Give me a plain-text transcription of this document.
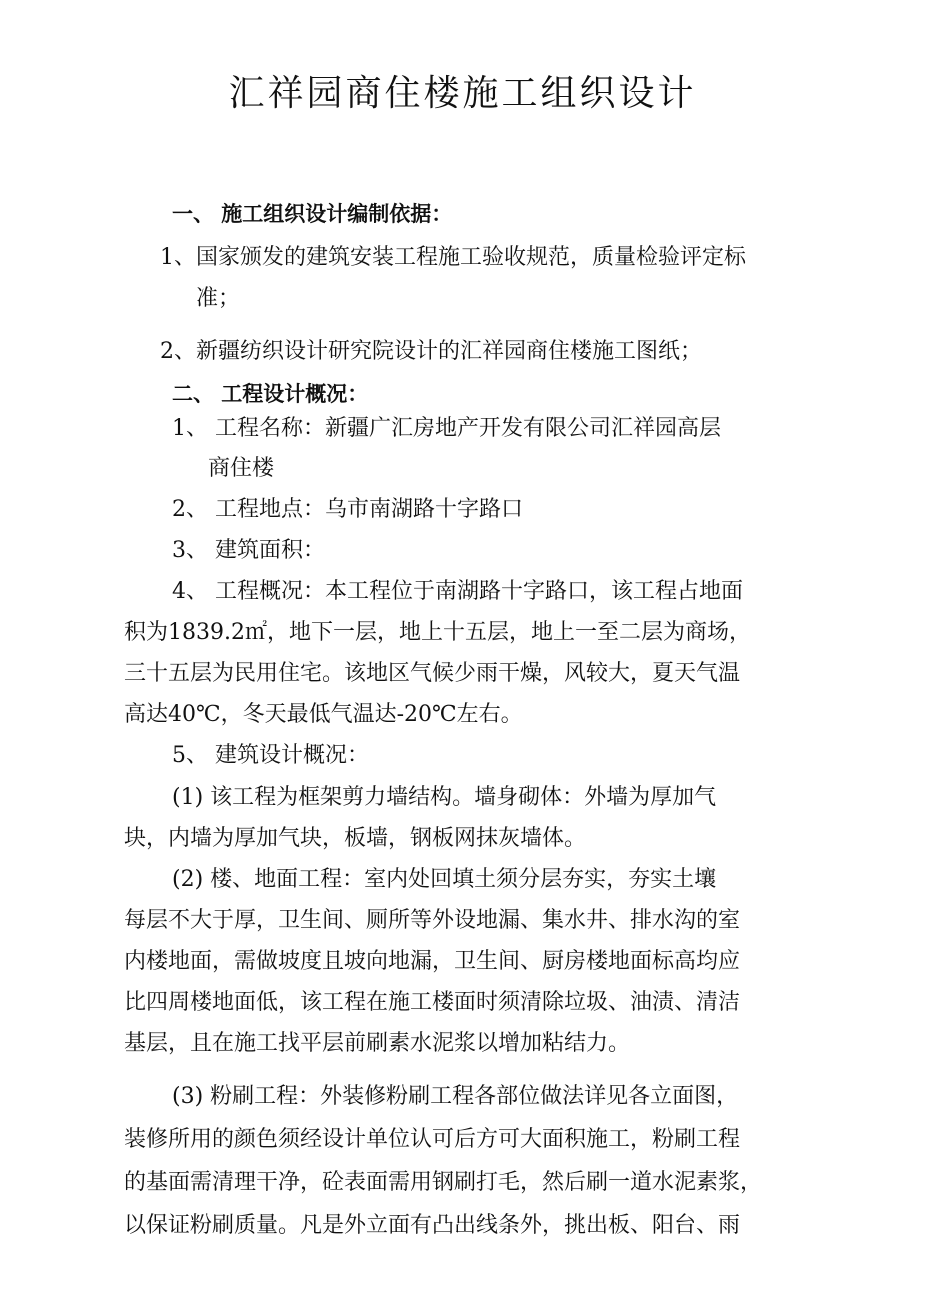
汇祥园商住楼施工组织设计

一、 施工组织设计编制依据：

1、国家颁发的建筑安装工程施工验收规范，质量检验评定标

准；

2、新疆纺织设计研究院设计的汇祥园商住楼施工图纸；

二、 工程设计概况：

1、 工程名称：新疆广汇房地产开发有限公司汇祥园高层

商住楼

2、 工程地点：乌市南湖路十字路口

3、 建筑面积：

4、 工程概况：本工程位于南湖路十字路口，该工程占地面

积为1839.2㎡，地下一层，地上十五层，地上一至二层为商场，

三十五层为民用住宅。该地区气候少雨干燥，风较大，夏天气温

高达40℃，冬天最低气温达-20℃左右。

5、 建筑设计概况：

(1) 该工程为框架剪力墙结构。墙身砌体：外墙为厚加气

块，内墙为厚加气块，板墙，钢板网抹灰墙体。

(2) 楼、地面工程：室内处回填土须分层夯实，夯实土壤

每层不大于厚，卫生间、厕所等外设地漏、集水井、排水沟的室

内楼地面，需做坡度且坡向地漏，卫生间、厨房楼地面标高均应

比四周楼地面低，该工程在施工楼面时须清除垃圾、油渍、清洁

基层，且在施工找平层前刷素水泥浆以增加粘结力。

(3) 粉刷工程：外装修粉刷工程各部位做法详见各立面图，

装修所用的颜色须经设计单位认可后方可大面积施工，粉刷工程

的基面需清理干净，砼表面需用钢刷打毛，然后刷一道水泥素浆，

以保证粉刷质量。凡是外立面有凸出线条外，挑出板、阳台、雨
